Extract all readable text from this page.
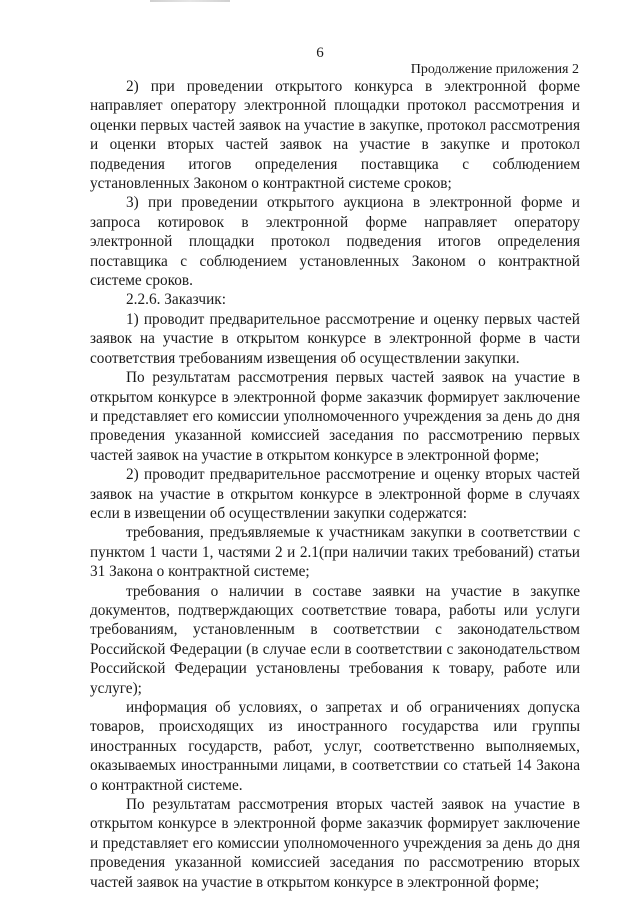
6
Продолжение приложения 2

2) при проведении открытого конкурса в электронной форме направляет оператору электронной площадки протокол рассмотрения и оценки первых частей заявок на участие в закупке, протокол рассмотрения и оценки вторых частей заявок на участие в закупке и протокол подведения итогов определения поставщика с соблюдением установленных Законом о контрактной системе сроков;

3) при проведении открытого аукциона в электронной форме и запроса котировок в электронной форме направляет оператору электронной площадки протокол подведения итогов определения поставщика с соблюдением установленных Законом о контрактной системе сроков.

2.2.6. Заказчик:

1) проводит предварительное рассмотрение и оценку первых частей заявок на участие в открытом конкурсе в электронной форме в части соответствия требованиям извещения об осуществлении закупки.

По результатам рассмотрения первых частей заявок на участие в открытом конкурсе в электронной форме заказчик формирует заключение и представляет его комиссии уполномоченного учреждения за день до дня проведения указанной комиссией заседания по рассмотрению первых частей заявок на участие в открытом конкурсе в электронной форме;

2) проводит предварительное рассмотрение и оценку вторых частей заявок на участие в открытом конкурсе в электронной форме в случаях если в извещении об осуществлении закупки содержатся:

требования, предъявляемые к участникам закупки в соответствии с пунктом 1 части 1, частями 2 и 2.1(при наличии таких требований) статьи 31 Закона о контрактной системе;

требования о наличии в составе заявки на участие в закупке документов, подтверждающих соответствие товара, работы или услуги требованиям, установленным в соответствии с законодательством Российской Федерации (в случае если в соответствии с законодательством Российской Федерации установлены требования к товару, работе или услуге);

информация об условиях, о запретах и об ограничениях допуска товаров, происходящих из иностранного государства или группы иностранных государств, работ, услуг, соответственно выполняемых, оказываемых иностранными лицами, в соответствии со статьей 14 Закона о контрактной системе.

По результатам рассмотрения вторых частей заявок на участие в открытом конкурсе в электронной форме заказчик формирует заключение и представляет его комиссии уполномоченного учреждения за день до дня проведения указанной комиссией заседания по рассмотрению вторых частей заявок на участие в открытом конкурсе в электронной форме;
